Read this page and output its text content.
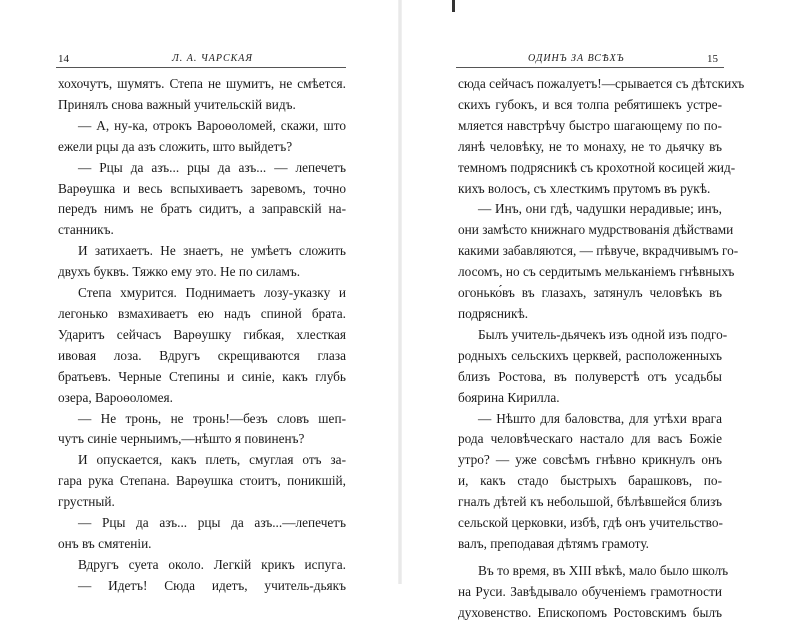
14	Л. А. ЧАРСКАЯ
хохочутъ, шумятъ. Степа не шумитъ, не смѣется.
Принялъ снова важный учительскій видъ.
— А, ну-ка, отрокъ Вароѳоломей, скажи, што
ежели рцы да азъ сложить, што выйдетъ?
— Рцы да азъ... рцы да азъ... — лепечетъ
Варѳушка и весь вспыхиваетъ заревомъ, точно
передъ нимъ не братъ сидитъ, а заправскій на-
станникъ.
И затихаетъ. Не знаетъ, не умѣетъ сложить
двухъ буквъ. Тяжко ему это. Не по силамъ.
Степа хмурится. Поднимаетъ лозу-указку и
легонько взмахиваетъ ею надъ спиной брата.
Ударитъ сейчасъ Варѳушку гибкая, хлесткая
ивовая лоза. Вдругъ скрещиваются глаза
братьевъ. Черные Степины и синіе, какъ глубь
озера, Вароѳоломея.
— Не тронь, не тронь!—безъ словъ шеп-
чутъ синіе черныимъ,—нѣшто я повиненъ?
И опускается, какъ плеть, смуглая отъ за-
гара рука Степана. Варѳушка стоитъ, поникшій,
грустный.
— Рцы да азъ... рцы да азъ...—лепечетъ
онъ въ смятеніи.
Вдругъ суета около. Легкій крикъ испуга.
— Идетъ! Сюда идетъ, учитель-дьякъ
15
ОДИНЪ ЗА ВСѢХЪ
сюда сейчасъ пожалуетъ!—срывается съ дѣтскихъ
скихъ губокъ, и вся толпа ребятишекъ устре-
мляется навстрѣчу быстро шагающему по по-
лянѣ человѣку, не то монаху, не то дьячку въ
темномъ подрясникѣ съ крохотной косицей жид-
кихъ волосъ, съ хлесткимъ прутомъ въ рукѣ.
— Инъ, они гдѣ, чадушки нерадивые; инъ,
они замѣсто книжнаго мудрствованія дѣйствами
какими забавляются, — пѣвуче, вкрадчивымъ го-
лосомъ, но съ сердитымъ мельканіемъ гнѣвныхъ
огонько́въ въ глазахъ, затянулъ человѣкъ въ
подрясникѣ.
Былъ учитель-дьячекъ изъ одной изъ подго-
родныхъ сельскихъ церквей, расположенныхъ
близъ Ростова, въ полуверстѣ отъ усадьбы
боярина Кирилла.
— Нѣшто для баловства, для утѣхи врага
рода человѣческаго настало для васъ Божіе
утро? — уже совсѣмъ гнѣвно крикнулъ онъ
и, какъ стадо быстрыхъ барашковъ, по-
гналъ дѣтей къ небольшой, бѣлѣвшейся близъ
сельской церковки, избѣ, гдѣ онъ учительство-
валъ, преподавая дѣтямъ грамоту.
Въ то время, въ XIII вѣкѣ, мало было школъ
на Руси. Завѣдывало обученіемъ грамотности
духовенство. Епископомъ Ростовскимъ былъ
